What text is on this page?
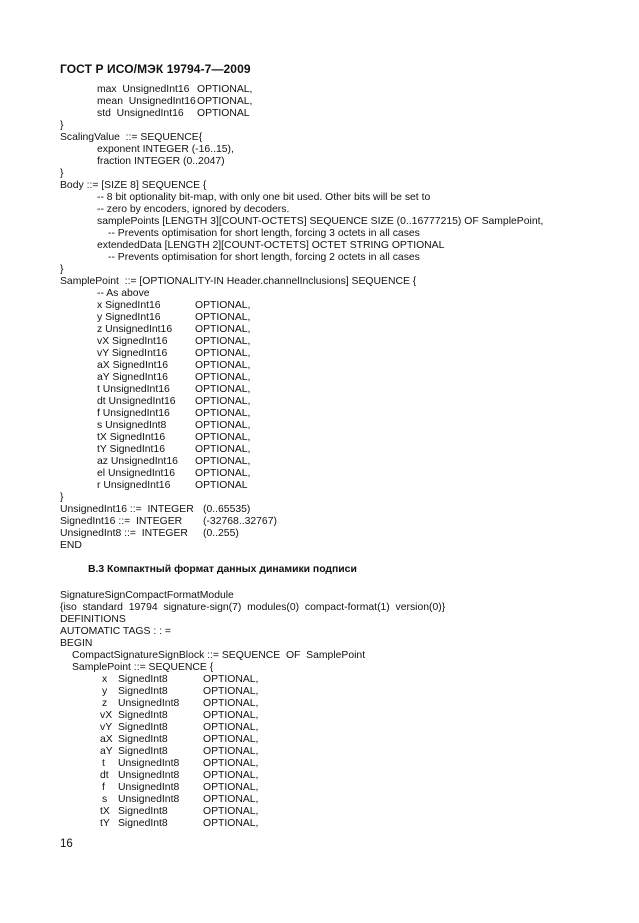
ГОСТ Р ИСО/МЭК 19794-7—2009
max  UnsignedInt16 OPTIONAL,
mean  UnsignedInt16 OPTIONAL,
std  UnsignedInt16 OPTIONAL
}
ScalingValue  ::= SEQUENCE{
exponent INTEGER (-16..15),
fraction INTEGER (0..2047)
}
Body ::= [SIZE 8] SEQUENCE {
-- 8 bit optionality bit-map, with only one bit used. Other bits will be set to
-- zero by encoders, ignored by decoders.
samplePoints [LENGTH 3][COUNT-OCTETS] SEQUENCE SIZE (0..16777215) OF SamplePoint,
-- Prevents optimisation for short length, forcing 3 octets in all cases
extendedData [LENGTH 2][COUNT-OCTETS] OCTET STRING OPTIONAL
-- Prevents optimisation for short length, forcing 2 octets in all cases
}
SamplePoint  ::= [OPTIONALITY-IN Header.channelInclusions] SEQUENCE {
-- As above
x SignedInt16	OPTIONAL,
y SignedInt16	OPTIONAL,
z UnsignedInt16 OPTIONAL,
vX SignedInt16	OPTIONAL,
vY SignedInt16	OPTIONAL,
aX SignedInt16	OPTIONAL,
aY SignedInt16	OPTIONAL,
t UnsignedInt16 OPTIONAL,
dt UnsignedInt16 OPTIONAL,
f UnsignedInt16 OPTIONAL,
s UnsignedInt8	OPTIONAL,
tX SignedInt16	OPTIONAL,
tY SignedInt16	OPTIONAL,
az UnsignedInt16 OPTIONAL,
el UnsignedInt16 OPTIONAL,
r UnsignedInt16 OPTIONAL
}
UnsignedInt16 ::=  INTEGER (0..65535)
SignedInt16 ::=  INTEGER (-32768..32767)
UnsignedInt8 ::=  INTEGER (0..255)
END
B.3 Компактный формат данных динамики подписи
SignatureSignCompactFormatModule
{iso  standard  19794  signature-sign(7)  modules(0)  compact-format(1)  version(0)}
DEFINITIONS
AUTOMATIC TAGS : : =
BEGIN
CompactSignatureSignBlock ::= SEQUENCE  OF  SamplePoint
SamplePoint ::= SEQUENCE {
x SignedInt8	OPTIONAL,
y SignedInt8	OPTIONAL,
z UnsignedInt8 OPTIONAL,
vX SignedInt8	OPTIONAL,
vY SignedInt8	OPTIONAL,
aX SignedInt8	OPTIONAL,
aY SignedInt8	OPTIONAL,
t UnsignedInt8 OPTIONAL,
dt UnsignedInt8 OPTIONAL,
f UnsignedInt8 OPTIONAL,
s UnsignedInt8 OPTIONAL,
tX SignedInt8	OPTIONAL,
tY SignedInt8	OPTIONAL,
16
